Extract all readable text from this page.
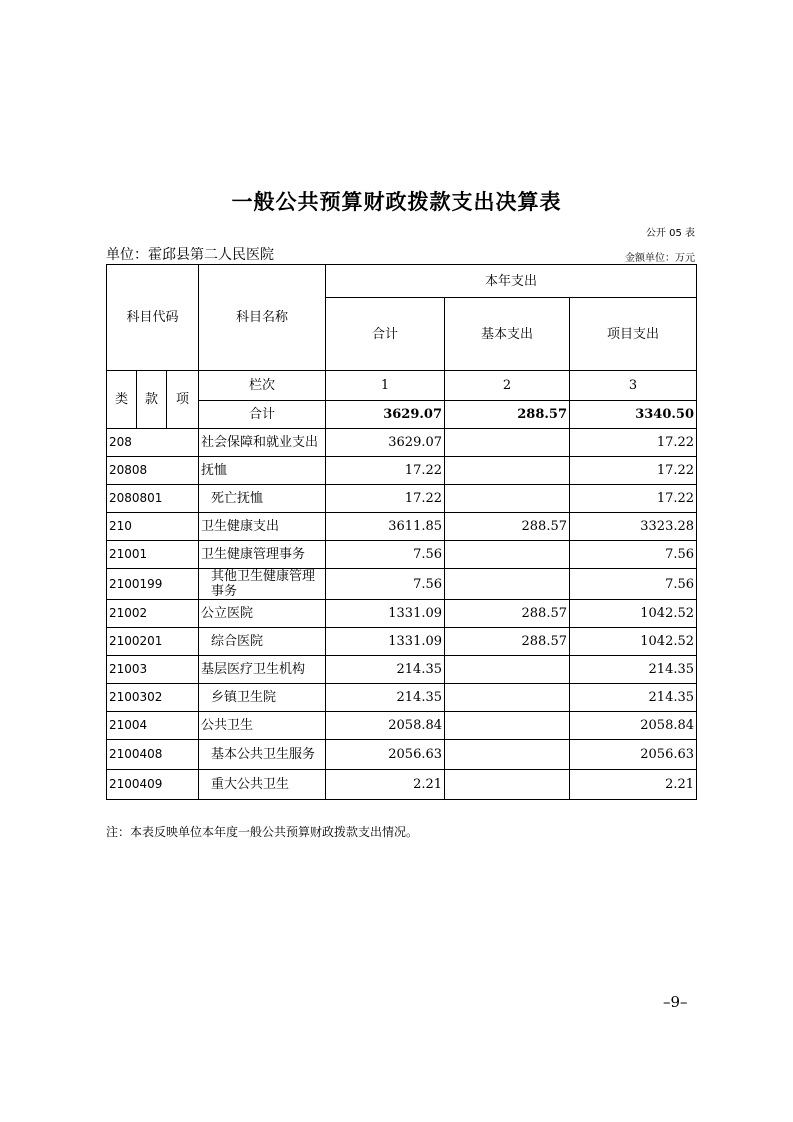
一般公共预算财政拨款支出决算表
公开 05 表
单位：霍邱县第二人民医院	金额单位：万元
科目代码			科目名称	本年支出		
				合计	基本支出	项目支出
类	款	项	栏次	1	2	3
			合计	3629.07	288.57	3340.50
208			社会保障和就业支出	3629.07		17.22
20808			抚恤	17.22		17.22
2080801			死亡抚恤	17.22		17.22
210			卫生健康支出	3611.85	288.57	3323.28
21001			卫生健康管理事务	7.56		7.56
2100199			其他卫生健康管理事务	7.56		7.56
21002			公立医院	1331.09	288.57	1042.52
2100201			综合医院	1331.09	288.57	1042.52
21003			基层医疗卫生机构	214.35		214.35
2100302			乡镇卫生院	214.35		214.35
21004			公共卫生	2058.84		2058.84
2100408			基本公共卫生服务	2056.63		2056.63
2100409			重大公共卫生	2.21		2.21
注：本表反映单位本年度一般公共预算财政拨款支出情况。
–9–
